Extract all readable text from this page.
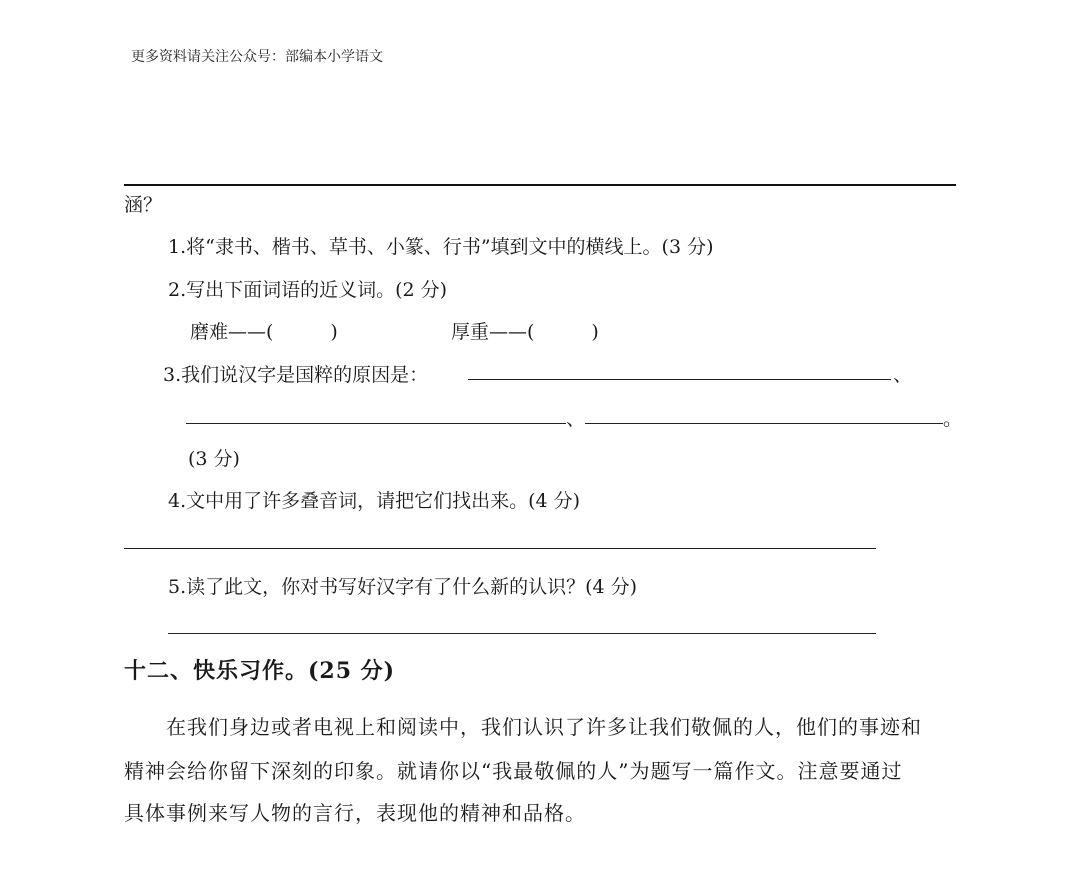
更多资料请关注公众号：部编本小学语文
涵？
1.将“隶书、楷书、草书、小篆、行书”填到文中的横线上。(3 分)
2.写出下面词语的近义词。(2 分)
磨难——(　　　)	厚重——(　　　)
3.我们说汉字是国粹的原因是：	、
、	。
(3 分)
4.文中用了许多叠音词，请把它们找出来。(4 分)
5.读了此文，你对书写好汉字有了什么新的认识？(4 分)
十二、快乐习作。(25 分)
　　在我们身边或者电视上和阅读中，我们认识了许多让我们敬佩的人，他们的事迹和
精神会给你留下深刻的印象。就请你以“我最敬佩的人”为题写一篇作文。注意要通过
具体事例来写人物的言行，表现他的精神和品格。
